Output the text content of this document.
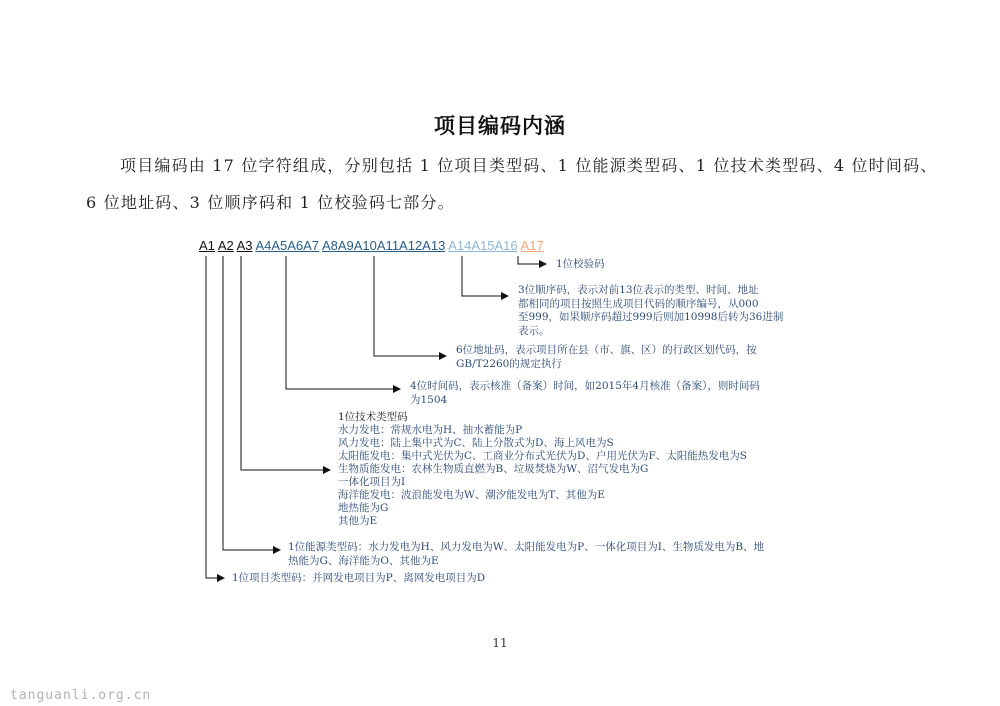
项目编码内涵
项目编码由 17 位字符组成，分别包括 1 位项目类型码、1 位能源类型码、1 位技术类型码、4 位时间码、
6 位地址码、3 位顺序码和 1 位校验码七部分。
A1 A2 A3 A4A5A6A7 A8A9A10A11A12A13 A14A15A16 A17
1位校验码
3位顺序码，表示对前13位表示的类型、时间、地址
都相同的项目按照生成项目代码的顺序编号，从000
至999，如果顺序码超过999后则加10998后转为36进制
表示。
6位地址码，表示项目所在县（市、旗、区）的行政区划代码，按
GB/T2260的规定执行
4位时间码，表示核准（备案）时间，如2015年4月核准（备案），则时间码
为1504
1位技术类型码
水力发电：常规水电为H、抽水蓄能为P
风力发电：陆上集中式为C、陆上分散式为D、海上风电为S
太阳能发电：集中式光伏为C、工商业分布式光伏为D、户用光伏为F、太阳能热发电为S
生物质能发电：农林生物质直燃为B、垃圾焚烧为W、沼气发电为G
一体化项目为I
海洋能发电：波浪能发电为W、潮汐能发电为T、其他为E
地热能为G
其他为E
1位能源类型码：水力发电为H、风力发电为W、太阳能发电为P、一体化项目为I、生物质发电为B、地
热能为G、海洋能为O、其他为E
1位项目类型码：并网发电项目为P、离网发电项目为D
11
tanguanli.org.cn
